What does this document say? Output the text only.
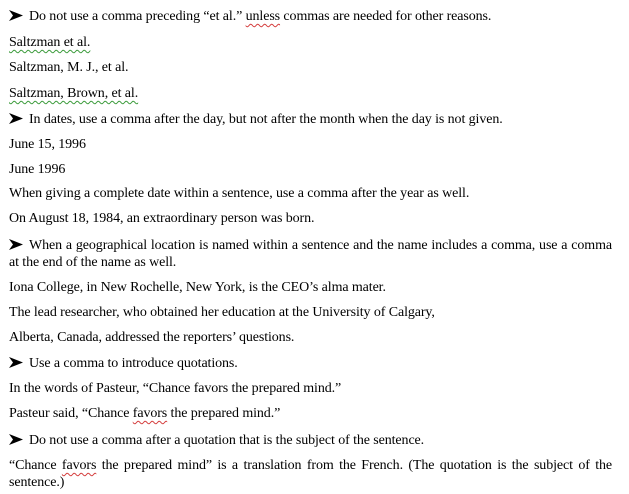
Do not use a comma preceding “et al.” unless commas are needed for other reasons.
Saltzman et al.
Saltzman, M. J., et al.
Saltzman, Brown, et al.
In dates, use a comma after the day, but not after the month when the day is not given.
June 15, 1996
June 1996
When giving a complete date within a sentence, use a comma after the year as well.
On August 18, 1984, an extraordinary person was born.
When a geographical location is named within a sentence and the name includes a comma, use a comma at the end of the name as well.
Iona College, in New Rochelle, New York, is the CEO’s alma mater.
The lead researcher, who obtained her education at the University of Calgary,
Alberta, Canada, addressed the reporters’ questions.
Use a comma to introduce quotations.
In the words of Pasteur, “Chance favors the prepared mind.”
Pasteur said, “Chance favors the prepared mind.”
Do not use a comma after a quotation that is the subject of the sentence.
“Chance favors the prepared mind” is a translation from the French. (The quotation is the subject of the sentence.)
